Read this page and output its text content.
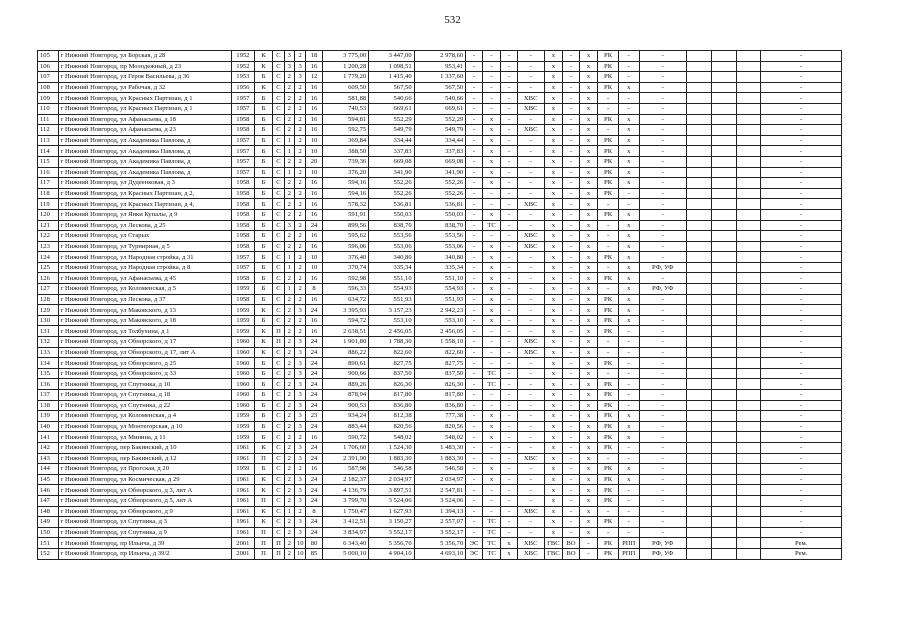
532
105	г Нижний Новгород, ул Борская, д 28	1952	К	С	3	2	18	3 775,00	3 447,00	2 978,60	-	-	-	-	х	-	х	РК	-	-				-
106	г Нижний Новгород, пр Молодежный, д 23	1952	К	С	3	3	16	1 200,28	1 098,51	953,41	-	-	-	-	х	-	х	РК	-	-				-
107	г Нижний Новгород, ул Героя Васильева, д 36	1953	Б	С	2	3	12	1 779,20	1 415,40	1 337,60	-	-	-	-	х	-	х	РК	-	-				-
108	г Нижний Новгород, ул Рабочая, д 32	1956	К	С	2	2	16	609,50	567,50	567,50	-	-	-	-	х	-	х	РК	х	-				-
109	г Нижний Новгород, ул Красных Партизан, д 1	1957	Б	С	2	2	16	581,88	540,66	540,66	-	-	-	ХВС	х	-	х	-	-	-				-
110	г Нижний Новгород, ул Красных Партизан, д 1	1957	Б	С	2	2	16	740,53	669,61	669,61	-	-	-	ХВС	х	-	х	-	-	-				-
111	г Нижний Новгород, ул Афанасьева, д 18	1958	Б	С	2	2	16	594,81	552,29	552,29	-	х	-	-	х	-	х	РК	х	-				-
112	г Нижний Новгород, ул Афанасьева, д 23	1958	Б	С	2	2	16	592,75	549,79	549,79	-	х	-	ХВС	х	-	х	-	х	-				-
113	г Нижний Новгород, ул Академика Павлова, д	1957	Б	С	1	2	10	369,84	334,44	334,44	-	х	-	-	х	-	х	РК	х	-				-
114	г Нижний Новгород, ул Академика Павлова, д	1957	Б	С	1	2	10	388,50	337,83	337,83	-	х	-	-	х	-	х	РК	х	-				-
115	г Нижний Новгород, ул Академика Павлова, д	1957	Б	С	2	2	20	739,36	669,08	669,08	-	х	-	-	х	-	х	РК	х	-				-
116	г Нижний Новгород, ул Академика Павлова, д	1957	Б	С	1	2	10	376,20	341,90	341,90	-	х	-	-	х	-	х	РК	х	-				-
117	г Нижний Новгород, ул Дудеенковая, д 3	1958	Б	С	2	2	16	594,16	552,26	552,26	-	х	-	-	х	-	х	РК	х	-				-
118	г Нижний Новгород, ул Красных Партизан, д 2,	1958	Б	С	2	2	16	594,16	552,26	552,26	-	-	-	-	х	-	х	РК	-	-				-
119	г Нижний Новгород, ул Красных Партизан, д 4,	1958	Б	С	2	2	16	578,32	536,81	536,81	-	-	-	ХВС	х	-	х	-	-	-				-
120	г Нижний Новгород, ул Янки Купалы, д 9	1958	Б	С	2	2	16	591,91	550,03	550,03	-	х	-	-	х	-	х	РК	х	-				-
121	г Нижний Новгород, ул Лескова, д 25	1958	Б	С	3	2	24	899,56	838,70	838,70	-	ТС	-	-	х	-	х	-	х	-				-
122	г Нижний Новгород, ул Старых	1958	Б	С	2	2	16	595,62	553,56	553,56	-	-	-	ХВС	х	-	х	-	х	-				-
123	г Нижний Новгород, ул Турнирная, д 5	1958	Б	С	2	2	16	596,06	553,06	553,06	-	х	-	ХВС	х	-	х	-	х	-				-
124	г Нижний Новгород, ул Народная стройка, д 31	1957	Б	С	1	2	10	376,40	340,80	340,80	-	х	-	-	х	-	х	РК	х	-				-
125	г Нижний Новгород, ул Народная стройка, д 8	1957	Б	С	1	2	10	370,74	335,34	335,34	-	х	-	-	х	-	х	-	х	РФ, УФ				-
126	г Нижний Новгород, ул Афанасьева, д 45	1958	Б	С	2	2	16	592,98	551,10	551,10	-	х	-	-	х	-	х	РК	х	-				-
127	г Нижний Новгород, ул Коломенская, д 5	1959	Б	С	1	2	8	596,33	554,93	554,93	-	х	-	-	х	-	х	-	х	РФ, УФ				-
128	г Нижний Новгород, ул Лескова, д 37	1958	Б	С	2	2	16	634,72	551,93	551,93	-	х	-	-	х	-	х	РК	х	-				-
129	г Нижний Новгород, ул Маковского, д 13	1959	К	С	2	3	24	3 395,93	3 157,23	2 942,23	-	х	-	-	х	-	х	РК	х	-				-
130	г Нижний Новгород, ул Маковского, д 18	1959	Б	С	2	2	16	594,72	553,10	553,10	-	х	-	-	х	-	х	РК	х	-				-
131	г Нижний Новгород, ул Толбухина, д 1	1959	К	П	2	2	16	2 638,51	2 456,05	2 456,05	-	-	-	-	х	-	х	РК	-	-				-
132	г Нижний Новгород, ул Обнорского, д 17	1960	К	П	2	3	24	1 901,80	1 788,30	1 558,10	-	-	-	ХВС	х	-	х	-	-	-				-
133	г Нижний Новгород, ул Обнорского, д 17, лит А	1960	К	С	2	3	24	886,22	822,60	822,60	-	-	-	ХВС	х	-	х	-	-	-				-
134	г Нижний Новгород, ул Обнорского, д 25	1960	Б	С	2	3	24	890,61	827,75	827,75	-	-	-	-	х	-	х	РК	-	-				-
135	г Нижний Новгород, ул Обнорского, д 33	1960	Б	С	2	3	24	900,66	837,50	837,50	-	ТС	-	-	х	-	х	-	-	-				-
136	г Нижний Новгород, ул Спутника, д 10	1960	Б	С	2	3	24	889,26	826,30	826,30	-	ТС	-	-	х	-	х	РК	-	-				-
137	г Нижний Новгород, ул Спутника, д 18	1960	Б	С	2	3	24	878,94	817,80	817,80	-	-	-	-	х	-	х	РК	-	-				-
138	г Нижний Новгород, ул Спутника, д 22	1960	Б	С	2	3	24	900,53	836,80	836,80	-	-	-	-	х	-	х	РК	-	-				-
139	г Нижний Новгород, ул Коломенская, д 4	1959	Б	С	2	3	23	934,24	812,38	777,38	-	х	-	-	х	-	х	РК	х	-				-
140	г Нижний Новгород, ул Монтегорская, д 10	1959	Б	С	2	3	24	883,44	820,56	820,56	-	х	-	-	х	-	х	РК	х	-				-
141	г Нижний Новгород, ул Минина, д 11	1959	Б	С	2	2	16	590,72	548,02	548,02	-	х	-	-	х	-	х	РК	х	-				-
142	г Нижний Новгород, пер Бакинский, д 10	1961	К	С	2	3	24	1 706,60	1 524,30	1 483,30	-	-	-	-	х	-	х	РК	-	-				-
143	г Нижний Новгород, пер Бакинский, д 12	1961	П	С	2	3	24	2 391,90	1 883,30	1 883,30	-	-	-	ХВС	х	-	х	-	-	-				-
144	г Нижний Новгород, ул Прогская, д 20	1959	Б	С	2	2	16	587,98	546,58	546,58	-	х	-	-	х	-	х	РК	х	-				-
145	г Нижний Новгород, ул Космическая, д 29	1961	К	С	2	3	24	2 182,37	2 034,97	2 034,97	-	х	-	-	х	-	х	РК	х	-				-
146	г Нижний Новгород, ул Обнорского, д 3, лит А	1961	К	С	2	3	24	4 136,79	3 897,51	2 547,81	-	-	-	-	х	-	х	РК	-	-				-
147	г Нижний Новгород, ул Обнорского, д 5, лит А	1961	П	С	2	3	24	3 799,70	3 524,06	3 524,06	-	-	-	-	х	-	х	РК	-	-				-
148	г Нижний Новгород, ул Обнорского, д 9	1961	К	С	1	2	8	1 750,47	1 627,93	1 394,13	-	-	-	ХВС	х	-	х	-	-	-				-
149	г Нижний Новгород, ул Спутника, д 3	1961	К	С	2	3	24	3 412,51	3 150,27	2 557,07	-	ТС	-	-	х	-	х	РК	-	-				-
150	г Нижний Новгород, ул Спутника, д 9	1961	П	С	2	3	24	3 834,97	3 552,17	3 552,17	-	ТС	-	-	х	-	х	-	-	-				-
151	г Нижний Новгород, пр Ильича, д 39	2001	П	П	2	10	80	6 343,40	5 356,70	5 356,70	ЭС	ТС	х	ХВС	ГВС	ВО	-	РК	РПП	РФ, УФ				Рем.
152	г Нижний Новгород, пр Ильича, д 39/2	2001	П	П	2	10	85	5 000,10	4 904,10	4 693,10	ЭС	ТС	х	ХВС	ГВС	ВО	-	РК	РПП	РФ, УФ				Рем.
